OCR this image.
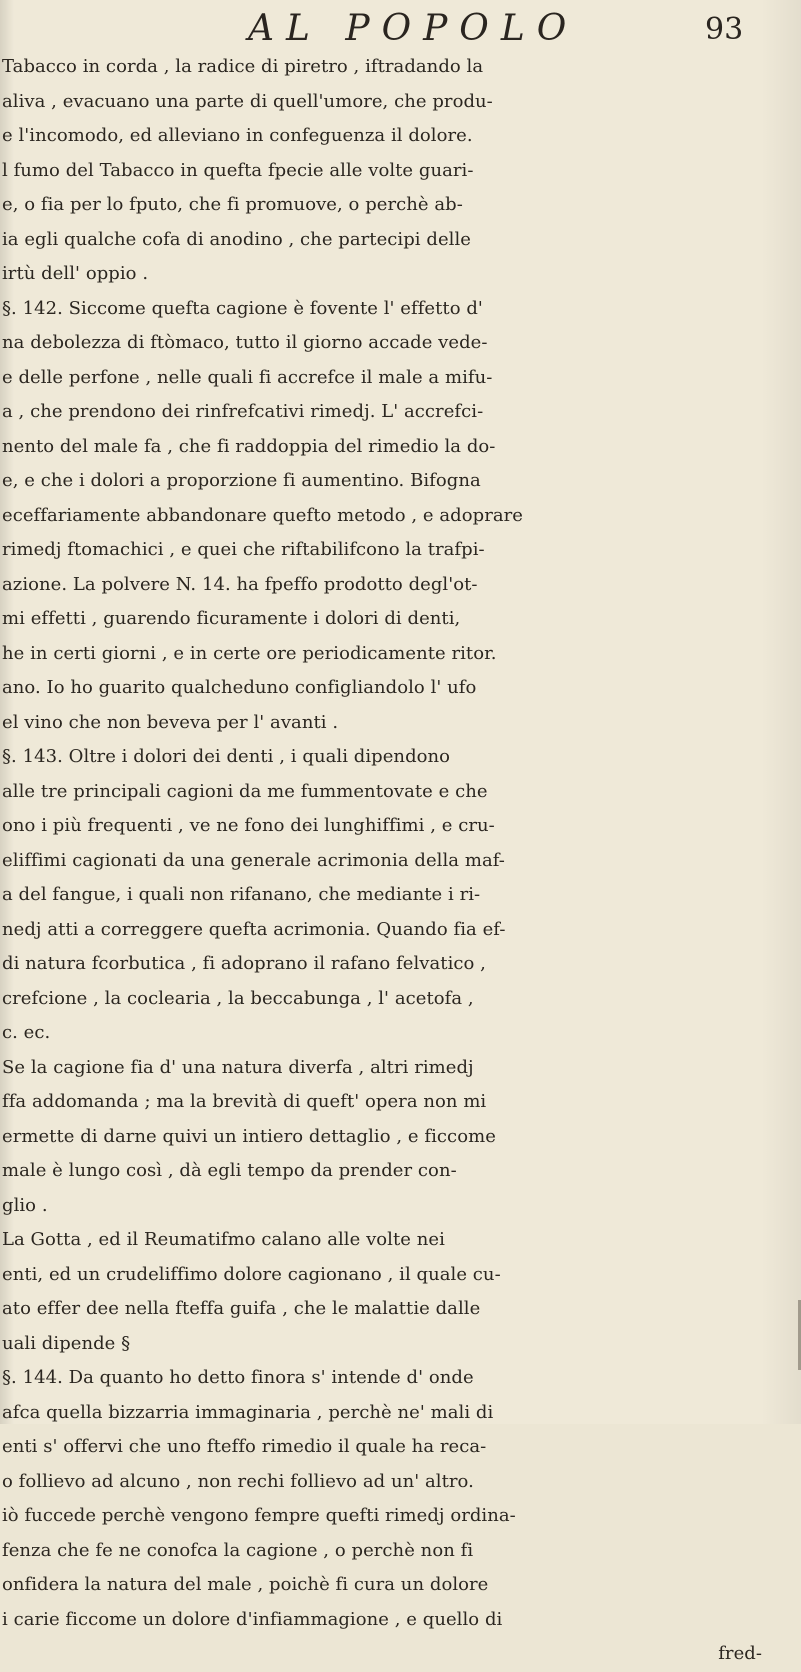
AL POPOLO	93
Tabacco in corda , la radice di piretro , iftradando la
aliva , evacuano una parte di quell'umore, che produ-
e l'incomodo, ed alleviano in confeguenza il dolore.
l fumo del Tabacco in quefta fpecie alle volte guari-
e, o fia per lo fputo, che fi promuove, o perchè ab-
ia egli qualche cofa di anodino , che partecipi delle
irtù dell' oppio .
§. 142. Siccome quefta cagione è fovente l' effetto d'
na debolezza di ftòmaco, tutto il giorno accade vede-
e delle perfone , nelle quali fi accrefce il male a mifu-
a , che prendono dei rinfrefcativi rimedj. L' accrefci-
nento del male fa , che fi raddoppia del rimedio la do-
e, e che i dolori a proporzione fi aumentino. Bifogna
eceffariamente abbandonare quefto metodo , e adoprare
rimedj ftomachici , e quei che riftabilifcono la trafpi-
azione. La polvere N. 14. ha fpeffo prodotto degl'ot-
mi effetti , guarendo ficuramente i dolori di denti,
he in certi giorni , e in certe ore periodicamente ritor.
ano. Io ho guarito qualcheduno configliandolo l' ufo
el vino che non beveva per l' avanti .
§. 143. Oltre i dolori dei denti , i quali dipendono
alle tre principali cagioni da me fummentovate e che
ono i più frequenti , ve ne fono dei lunghiffimi , e cru-
eliffimi cagionati da una generale acrimonia della maf-
a del fangue, i quali non rifanano, che mediante i ri-
nedj atti a correggere quefta acrimonia. Quando fia ef-
di natura fcorbutica , fi adoprano il rafano felvatico ,
crefcione , la coclearia , la beccabunga , l' acetofa ,
c. ec.
Se la cagione fia d' una natura diverfa , altri rimedj
ffa addomanda ; ma la brevità di queft' opera non mi
ermette di darne quivi un intiero dettaglio , e ficcome
male è lungo così , dà egli tempo da prender con-
glio .
La Gotta , ed il Reumatifmo calano alle volte nei
enti, ed un crudeliffimo dolore cagionano , il quale cu-
ato effer dee nella fteffa guifa , che le malattie dalle
uali dipende §
§. 144. Da quanto ho detto finora s' intende d' onde
afca quella bizzarria immaginaria , perchè ne' mali di
enti s' offervi che uno fteffo rimedio il quale ha reca-
o follievo ad alcuno , non rechi follievo ad un' altro.
iò fuccede perchè vengono fempre quefti rimedj ordina-
fenza che fe ne conofca la cagione , o perchè non fi
onfidera la natura del male , poichè fi cura un dolore
i carie ficcome un dolore d'infiammagione , e quello di
fred-
